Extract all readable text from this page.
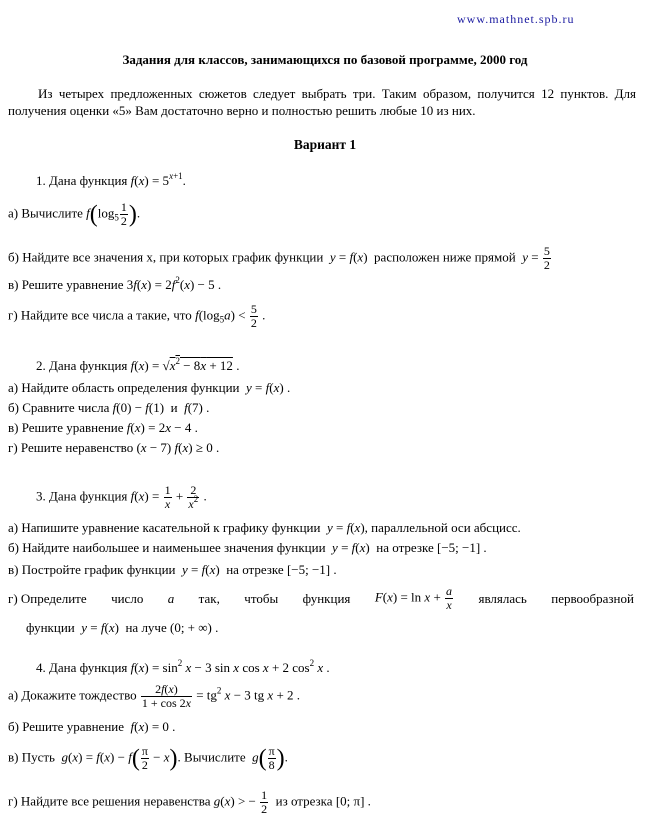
www.mathnet.spb.ru
Задания для классов, занимающихся по базовой программе, 2000 год
Из четырех предложенных сюжетов следует выбрать три. Таким образом, получится 12 пунктов. Для получения оценки «5» Вам достаточно верно и полностью решить любые 10 из них.
Вариант 1
1. Дана функция $f(x) = 5^{x+1}$.
а) Вычислите $f(\log_5 \frac{1}{2}$ ).
б) Найдите все значения x, при которых график функции y = f(x)  расположен ниже прямой $y = \frac{5}{2}$
в) Решите уравнение $3f(x) = 2f^2(x) - 5$ .
г) Найдите все числа a такие, что $f(\log_5a) < \frac{5}{2}$ .
2. Дана функция $f(x) = √x^2 - 8x + 12$ .
а) Найдите область определения функции y = f(x) .
б) Сравните числа f(0) − f(1)  и f(7) .
в) Решите уравнение f(x) = 2x − 4 .
г) Решите неравенство (x − 7) f(x) ≥ 0 .
3. Дана функция $f(x) = \frac{1}{x} + \frac{2}{x^2}$ .
а) Напишите уравнение касательной к графику функции y = f(x), параллельной оси абсцисс.
б) Найдите наибольшее и наименьшее значения функции y = f(x)  на отрезке [−5; −1] .
в) Постройте график функции y = f(x)  на отрезке [−5; −1] .
г) Определите число a так, чтобы функция $F(x) = \ln x + \frac{a}{x}$ являлась первообразной
функции y = f(x)  на луче (0; + ∞) .
4. Дана функция $f(x) = \sin^2 x - 3$ sin x cos x + 2 $\cos^2 x$ .
а) Докажите тождество $\frac{2f(x)}{1 + \cos 2x} = tg^2$ x − 3 tg x + 2 .
б) Решите уравнение f(x) = 0 .
в) Пусть $g(x) = f(x) - f( \frac{\pi}{2} - x)$. Вычислите $g( \frac{\pi}{8}$ ).
г) Найдите все решения неравенства g(x) > − $\frac{1}{2}$ из отрезка [0; π] .
